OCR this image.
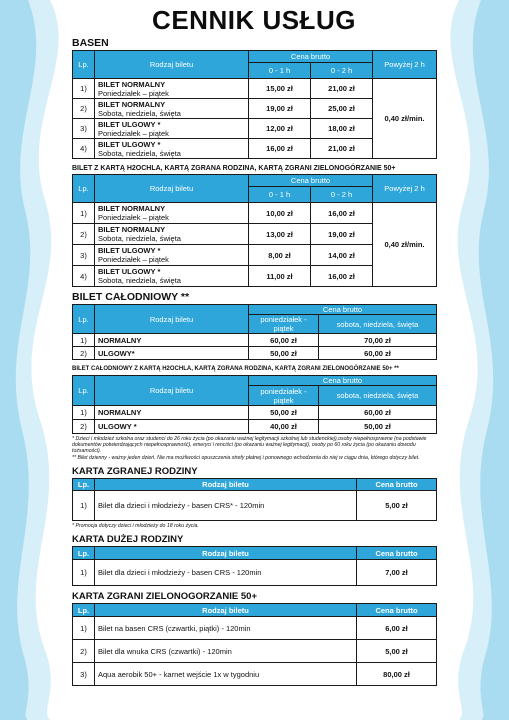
CENNIK USŁUG
BASEN
Lp.	Rodzaj biletu	Cena brutto		Powyżej 2 h
		0 - 1 h	0 - 2 h	
1)	BILET NORMALNY
Poniedziałek – piątek	15,00 zł	21,00 zł	0,40 zł/min.
2)	BILET NORMALNY
Sobota, niedziela, święta	19,00 zł	25,00 zł	
3)	BILET ULGOWY *
Poniedziałek – piątek	12,00 zł	18,00 zł	
4)	BILET ULGOWY *
Sobota, niedziela, święta	16,00 zł	21,00 zł	
BILET Z KARTĄ H2OCHLA, KARTĄ ZGRANA RODZINA, KARTĄ ZGRANI ZIELONOGÓRZANIE 50+
Lp.	Rodzaj biletu	Cena brutto		Powyżej 2 h
		0 - 1 h	0 - 2 h	
1)	BILET NORMALNY
Poniedziałek – piątek	10,00 zł	16,00 zł	0,40 zł/min.
2)	BILET NORMALNY
Sobota, niedziela, święta	13,00 zł	19,00 zł	
3)	BILET ULGOWY *
Poniedziałek – piątek	8,00 zł	14,00 zł	
4)	BILET ULGOWY *
Sobota, niedziela, święta	11,00 zł	16,00 zł	
BILET CAŁODNIOWY **
Lp.	Rodzaj biletu	Cena brutto	
		poniedziałek - piątek	sobota, niedziela, święta
1)	NORMALNY	60,00 zł	70,00 zł
2)	ULGOWY*	50,00 zł	60,00 zł
BILET CAŁODNIOWY Z KARTĄ H2OCHLA, KARTĄ ZGRANA RODZINA, KARTĄ ZGRANI ZIELONOGÓRZANIE 50+ **
Lp.	Rodzaj biletu	Cena brutto	
		poniedziałek - piątek	sobota, niedziela, święta
1)	NORMALNY	50,00 zł	60,00 zł
2)	ULGOWY *	40,00 zł	50,00 zł
* Dzieci i młodzież szkolna oraz studenci do 26 roku życia (po okazaniu ważnej legitymacji szkolnej lub studenckiej),osoby niepełnosprawne (na podstawie dokumentów potwierdzających niepełnosprawność), emeryci i renciści (po okazaniu ważnej legitymacji), osoby po 60 roku życia (po okazaniu dowodu tożsamości).
** Bilet dzienny - ważny jeden dzień. Nie ma możliwości opuszczenia strefy płatnej i ponownego wchodzenia do niej w ciągu dnia, którego dotyczy bilet.
KARTA ZGRANEJ RODZINY
Lp.	Rodzaj biletu	Cena brutto
1)	Bilet dla dzieci i młodzieży - basen CRS* - 120min	5,00 zł
* Promocja dotyczy dzieci i młodzieży do 18 roku życia.
KARTA DUŻEJ RODZINY
Lp.	Rodzaj biletu	Cena brutto
1)	Bilet dla dzieci i młodzieży - basen CRS - 120min	7,00 zł
KARTA ZGRANI ZIELONOGORZANIE 50+
Lp.	Rodzaj biletu	Cena brutto
1)	Bilet na basen CRS (czwartki, piątki) - 120min	6,00 zł
2)	Bilet dla wnuka CRS (czwartki) - 120min	5,00 zł
3)	Aqua aerobik 50+ - karnet wejście 1x w tygodniu	80,00 zł
